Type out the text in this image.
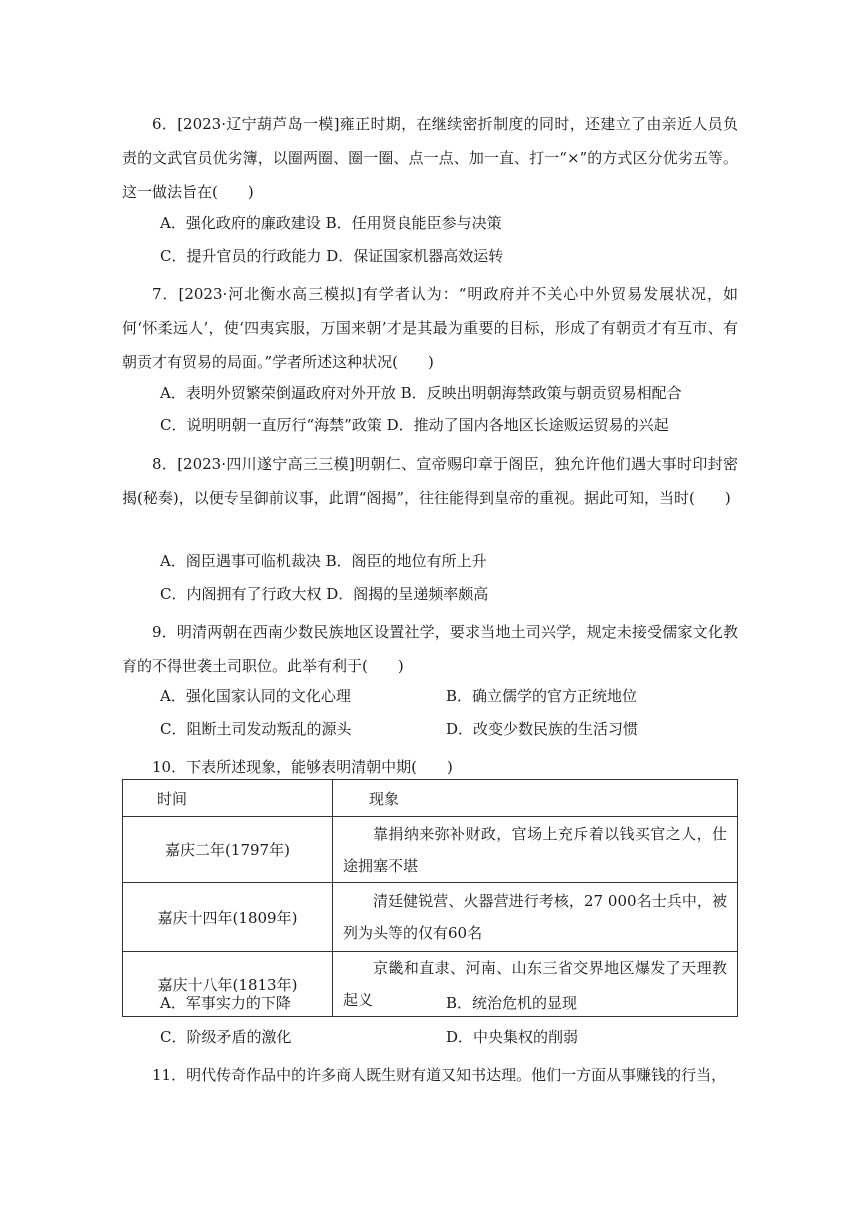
6．[2023·辽宁葫芦岛一模]雍正时期，在继续密折制度的同时，还建立了由亲近人员负责的文武官员优劣簿，以圈两圈、圈一圈、点一点、加一直、打一“×”的方式区分优劣五等。这一做法旨在(　　)

A．强化政府的廉政建设 B．任用贤良能臣参与决策
C．提升官员的行政能力 D．保证国家机器高效运转

7．[2023·河北衡水高三模拟]有学者认为：“明政府并不关心中外贸易发展状况，如何‘怀柔远人’，使‘四夷宾服，万国来朝’才是其最为重要的目标，形成了有朝贡才有互市、有朝贡才有贸易的局面。”学者所述这种状况(　　)

A．表明外贸繁荣倒逼政府对外开放 B．反映出明朝海禁政策与朝贡贸易相配合
C．说明明朝一直厉行“海禁”政策 D．推动了国内各地区长途贩运贸易的兴起

8．[2023·四川遂宁高三三模]明朝仁、宣帝赐印章于阁臣，独允许他们遇大事时印封密揭(秘奏)，以便专呈御前议事，此谓“阁揭”，往往能得到皇帝的重视。据此可知，当时(　　)

A．阁臣遇事可临机裁决 B．阁臣的地位有所上升
C．内阁拥有了行政大权 D．阁揭的呈递频率颇高

9．明清两朝在西南少数民族地区设置社学，要求当地土司兴学，规定未接受儒家文化教育的不得世袭土司职位。此举有利于(　　)

A．强化国家认同的文化心理	B．确立儒学的官方正统地位
C．阻断土司发动叛乱的源头	D．改变少数民族的生活习惯

10．下表所述现象，能够表明清朝中期(　　)

时间	现象
嘉庆二年(1797年)	靠捐纳来弥补财政，官场上充斥着以钱买官之人，仕途拥塞不堪
嘉庆十四年(1809年)	清廷健锐营、火器营进行考核，27 000名士兵中，被列为头等的仅有60名
嘉庆十八年(1813年)	京畿和直隶、河南、山东三省交界地区爆发了天理教起义
A．军事实力的下降	B．统治危机的显现
C．阶级矛盾的激化	D．中央集权的削弱

11．明代传奇作品中的许多商人既生财有道又知书达理。他们一方面从事赚钱的行当，
